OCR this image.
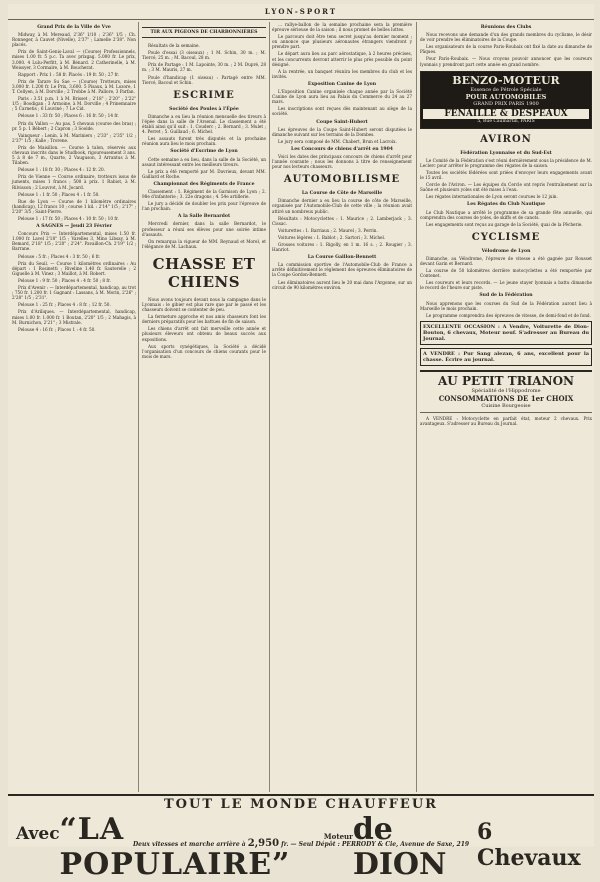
LYON-SPORT

Grand Prix de la Ville de Vve

Midway, à M. Mereaud, 2'36" 1/10 ; 2'36" 1/5 ; Ch. Ronneger, à Cauvet (Nivelle), 2'37" ; Lamelle 2'38". Non placés.

Prix de Saint-Genis-Laval — (Course) Professionnels, mises 1.00 fr. 5 p.c. Ta avec prixgag. 5.000 fr. Le prix, 3.000. 4 Lulu-Perfitt, à M. Bénard. 2 Catherinelle, à M. Weissyer, 3 Cormaire, à M. Boucherat.

Rapport : Prix 1 : 58 fr. Placés : 19 fr. 50 ; 27 fr.

Prix de Tarare Su Sae — (Course) Trotteurs, mises 3.000 fr. 1.200 fr. Le Prix, 3.600. 5 Pisaux, à M. Lozore, 1 T. Cellyen, à M. Dorville ; 2 Trobbe à M. Pallore, 3 Parfan.

Paris : 3.51 p.m. 1 à M. Brisset ; 2'18" ; 2'20" ; 2'22" 1/5 ; Boodigan ; 3 Armoine, à M. Dorville ; 4 Prinemnaire ; 5 Carnetis ; 6 Louviné ; 7 Le Cid.

Pelouse 1 : 33 fr. 50 ; Places 6 : 16 fr. 50 ; 14 fr.

Prix du Vallon — Au pas, 5 chevaux (course des bras) ; pr. 5 p. 1 Bébert ; 2 Capron ; 3 Soolde.

Vainqueur : Lenin, à M. Mariniers ; 2'33" ; 2'35" 1/2 ; 2'37" 1/5 ; Kalle ; Trorene.

Prix de Maisillon. — Course à talon, réservés aux chevaux inscrits dans le Studbook, rigoureusement 3 ans. 5 à 8 de 7 m., Quarte, 2 Vauguson, 3 Arrantus à M. Tilaben.

Pelouse 1 : 18 fr. 30 ; Places 4 : 12 fr. 20.

Prix de Vienne — Course ordinaire, trotteurs issus de juments, mises 1 francs ; 500 à prix. 1 Rabiot, à M. Rilvisson ; 2 Louvrot, à M. Jocard.

Pelouse 1 : 1 fr. 50 ; Places 4 : 1 fr. 50.

Rue de Lyon — Course de 1 kilomètre ordinaires (handicap), 12 francs 10 ; course 1 kil. : 2'14" 1/5 ; 2'17" ; 2'20" 3/5 ; Saint-Pierre.

Pelouse 1 : 17 fr. 50 ; Places 4 : 10 fr. 50 ; 10 fr.

A SAGNES — Jeudi 23 Février

Concours Prix — Interdépartemental, mises 1.50 fr. 1.000 fr. Lavel 2'18" 1/5 ; Varelles 3, Mino Libsay, à M. Bemard, 2'18" 1/5 ; 2'20" ; 2'24". Pavaillon-Ch. 2'19" 1/2 ; Barrane.

Pelouse : 5 fr. ; Places 4 : 3 fr. 50 ; 6 fr.

Prix du Seuil. — Course 1 kilomètres ordinaires : Au départ : 1 Rosinetti ; Riveline 1.40 fr. Sauterelle ; 2 Giguelle à M. Vinez ; 3 Maillot, à M. Robert.

Pelouse 1 : 9 fr. 50 ; Places 4 : 4 fr. 50 ; 8 fr.

Prix d'Avenir : — Interdépartemental, handicap, au trot ; 750 fr. 1.200 fr. 1 Gagnant : Lassans, à M. Morin, 2'26" ; 2'28" 1/5 ; 2'31".

Pelouse 1 : 25 fr. ; Places 4 : 8 fr. ; 12 fr. 50.

Prix d'Ariliques. — Interdépartemental, handicap, mises 1.00 fr. 1.000 fr. 1 Boutan, 2'20" 1/5 ; 2 Mahagis, à M. Burnichon, 2'21" ; 3 Mistrale.

Pelouse 4 : 16 fr. ; Places 1 : 4 fr. 50.

TIR AUX PIGEONS DE CHARBONNIÈRES

Résultats de la semaine.

Poule d'essai (3 oiseaux) ; 1 M. Schin, 30 m. ; M. Tiercé, 25 m. ; M. Bacoul, 28 m.

Prix de Partage : 1 M. Lapointe, 30 m. ; 2 M. Dupré, 28 m. ; 3 M. Mauris, 27 m.

Poule d'handicap (1 oiseau) : Partagé entre MM. Tiercé, Bacoul et Schin.

ESCRIME

Société des Poules à l'Épée

Dimanche a eu lieu la réunion mensuelle des tireurs à l'épée dans la salle de l'Arsenal. Le classement a été établi ainsi qu'il suit : 1. Couderc ; 2. Bernard ; 3. Mulet ; 4. Perret ; 5. Guillaud ; 6. Michel.

Les assauts furent très disputés et la prochaine réunion aura lieu le mois prochain.

Société d'Escrime de Lyon

Cette semaine a eu lieu, dans la salle de la Société, un assaut intéressant entre les meilleurs tireurs.

Le prix a été remporté par M. Davrieux, devant MM. Gaillard et Roche.

Championnat des Régiments de France

Classement : 1. Régiment de la Garnison de Lyon ; 2. 98e d'infanterie ; 3. 22e dragons ; 4. 54e artillerie.

Le jury a décidé de doubler les prix pour l'épreuve de l'an prochain.

A la Salle Bernardot

Mercredi dernier, dans la salle Bernardot, le professeur a réuni ses élèves pour une soirée intime d'assauts.

On remarqua la vigueur de MM. Reynaud et Morel, et l'élégance de M. Lachaux.

CHASSE ET CHIENS

Nous avons toujours devant nous la campagne dans le Lyonnais : le gibier est plus rare que par le passé et les chasseurs doivent se contenter de peu.

La fermeture approche et nos amis chasseurs font les derniers préparatifs pour les battues de fin de saison.

Les chiens d'arrêt ont fait merveille cette année et plusieurs éleveurs ont obtenu de beaux succès aux expositions.

Aux sports cynégétiques, la Société a décidé l'organisation d'un concours de chiens courants pour le mois de mars.

... rallye-ballon de la semaine prochaine sera la première épreuve sérieuse de la saison ; il nous promet de belles luttes.

Le parcours doit être tenu secret jusqu'au dernier moment ; on annonce que plusieurs aéronautes étrangers viendront y prendre part.

Le départ aura lieu au parc aérostatique, à 2 heures précises, et les concurrents devront atterrir le plus près possible du point désigné.

A la rentrée, un banquet réunira les membres du club et les invités.

Exposition Canine de Lyon

L'Exposition Canine organisée chaque année par la Société Canine de Lyon aura lieu au Palais du Commerce du 24 au 27 mars.

Les inscriptions sont reçues dès maintenant au siège de la société.

Coupe Saint-Hubert

Les épreuves de la Coupe Saint-Hubert seront disputées le dimanche suivant sur les terrains de la Dombes.

Le jury sera composé de MM. Chabert, Brun et Lacroix.

Les Concours de chiens d'arrêt en 1904

Voici les dates des principaux concours de chiens d'arrêt pour l'année courante ; nous les donnons à titre de renseignement pour nos lecteurs chasseurs.

AUTOMOBILISME

La Course de Côte de Marseille

Dimanche dernier a eu lieu la course de côte de Marseille, organisée par l'Automobile-Club de cette ville ; la réunion avait attiré un nombreux public.

Résultats : Motocyclettes : 1. Maurice ; 2. Lamberjack ; 3. Cissac.

Voiturettes : 1. Barriaux ; 2. Maurel ; 3. Perrin.

Voitures légères : 1. Bablot ; 2. Sartori ; 3. Michel.

Grosses voitures : 1. Rigolly, en 1 m. 16 s. ; 2. Rougier ; 3. Hanriot.

La Course Gaillon-Bennett

La commission sportive de l'Automobile-Club de France a arrêté définitivement le règlement des épreuves éliminatoires de la Coupe Gordon-Bennett.

Les éliminatoires auront lieu le 20 mai dans l'Argonne, sur un circuit de 90 kilomètres environ.

Réunions des Clubs

Nous recevons une demande d'un des grands membres du cyclisme, le désir de voir prendre les éliminatoires de la Coupe.

Les organisateurs de la course Paris-Roubaix ont fixé la date au dimanche de Pâques.

Pour Paris-Roubaix. — Nous croyons pouvoir annoncer que les coureurs lyonnais y prendront part cette année en grand nombre.

BENZO-MOTEUR
Essence de Pétrole Spéciale
POUR AUTOMOBILES
GRAND PRIX PARIS 1900
FENAILLE & DESPEAUX
5, Rue Caumartin, PARIS
AVIRON

Fédération Lyonnaise et du Sud-Est

Le Comité de la Fédération s'est réuni dernièrement sous la présidence de M. Leclerc pour arrêter le programme des régates de la saison.

Toutes les sociétés fédérées sont priées d'envoyer leurs engagements avant le 15 avril.

Cercle de l'Aviron. — Les équipes du Cercle ont repris l'entraînement sur la Saône et plusieurs yoles ont été mises à l'eau.

Les régates internationales de Lyon seront courues le 12 juin.

Les Régates du Club Nautique

Le Club Nautique a arrêté le programme de sa grande fête annuelle, qui comprendra des courses de yoles, de skiffs et de canots.

Les engagements sont reçus au garage de la Société, quai de la Pêcherie.

CYCLISME

Vélodrome de Lyon

Dimanche, au Vélodrome, l'épreuve de vitesse a été gagnée par Rousset devant Garin et Bernard.

La course de 50 kilomètres derrière motocyclettes a été remportée par Contenet.

Les coureurs et leurs records. — Le jeune stayer lyonnais a battu dimanche le record de l'heure sur piste.

Sud de la Fédération

Nous apprenons que les courses du Sud de la Fédération auront lieu à Marseille le mois prochain.

Le programme comprendra des épreuves de vitesse, de demi-fond et de fond.

EXCELLENTE OCCASION : A Vendre, Voiturette de Dion-Bouton, 6 chevaux, Moteur neuf. S'adresser au Bureau du Journal.
A VENDRE : Pur Sang alezan, 6 ans, excellent pour la chasse. Écrire au journal.
AU PETIT TRIANON
Spécialité de l'Hippodrome
CONSOMMATIONS DE 1er CHOIX
Cuisine Bourgeoise

A VENDRE : Motocyclette en parfait état, moteur 2 chevaux. Prix avantageux. S'adresser au Bureau du Journal.

TOUT LE MONDE CHAUFFEUR
Avec “LA POPULAIRE”
Moteur de DION
6 Chevaux
Deux vitesses et marche arrière à 2,950 fr. — Seul Dépôt : PERRODY & Cie, Avenue de Saxe, 219
